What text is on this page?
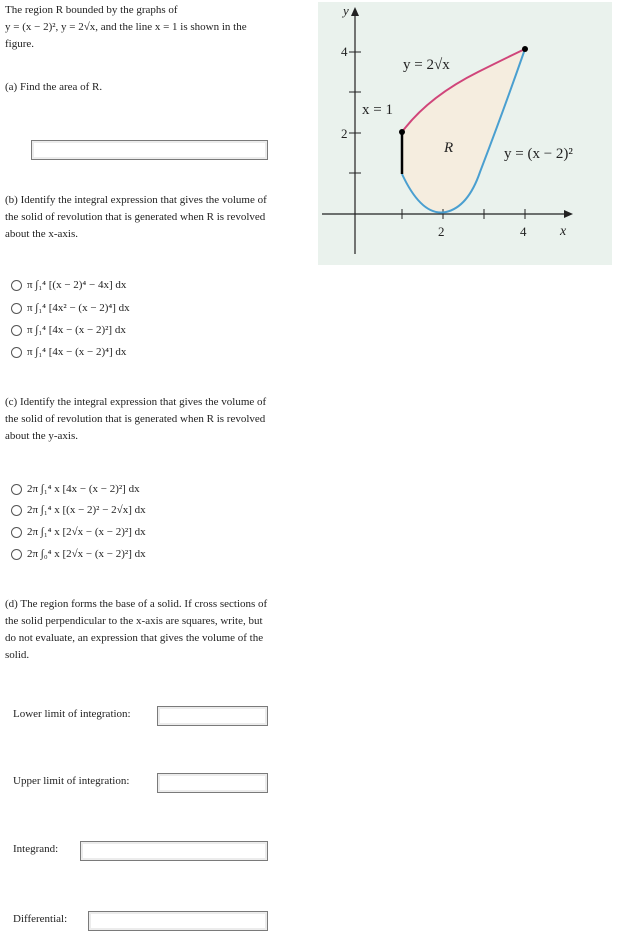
The region R bounded by the graphs of
y = (x − 2)², y = 2√x, and the line x = 1 is shown in the
figure.
(a) Find the area of R.
(b) Identify the integral expression that gives the volume of
the solid of revolution that is generated when R is revolved
about the x-axis.
π ∫₁⁴ [(x − 2)⁴ − 4x] dx
π ∫₁⁴ [4x² − (x − 2)⁴] dx
π ∫₁⁴ [4x − (x − 2)²] dx
π ∫₁⁴ [4x − (x − 2)⁴] dx
(c) Identify the integral expression that gives the volume of
the solid of revolution that is generated when R is revolved
about the y-axis.
2π ∫₁⁴ x [4x − (x − 2)²] dx
2π ∫₁⁴ x [(x − 2)² − 2√x] dx
2π ∫₁⁴ x [2√x − (x − 2)²] dx
2π ∫₀⁴ x [2√x − (x − 2)²] dx
(d) The region forms the base of a solid. If cross sections of
the solid perpendicular to the x-axis are squares, write, but
do not evaluate, an expression that gives the volume of the
solid.
Lower limit of integration:
Upper limit of integration:
Integrand:
Differential:
y
x
4
2
2	4
y = 2√x
y = (x − 2)²
x = 1
R
